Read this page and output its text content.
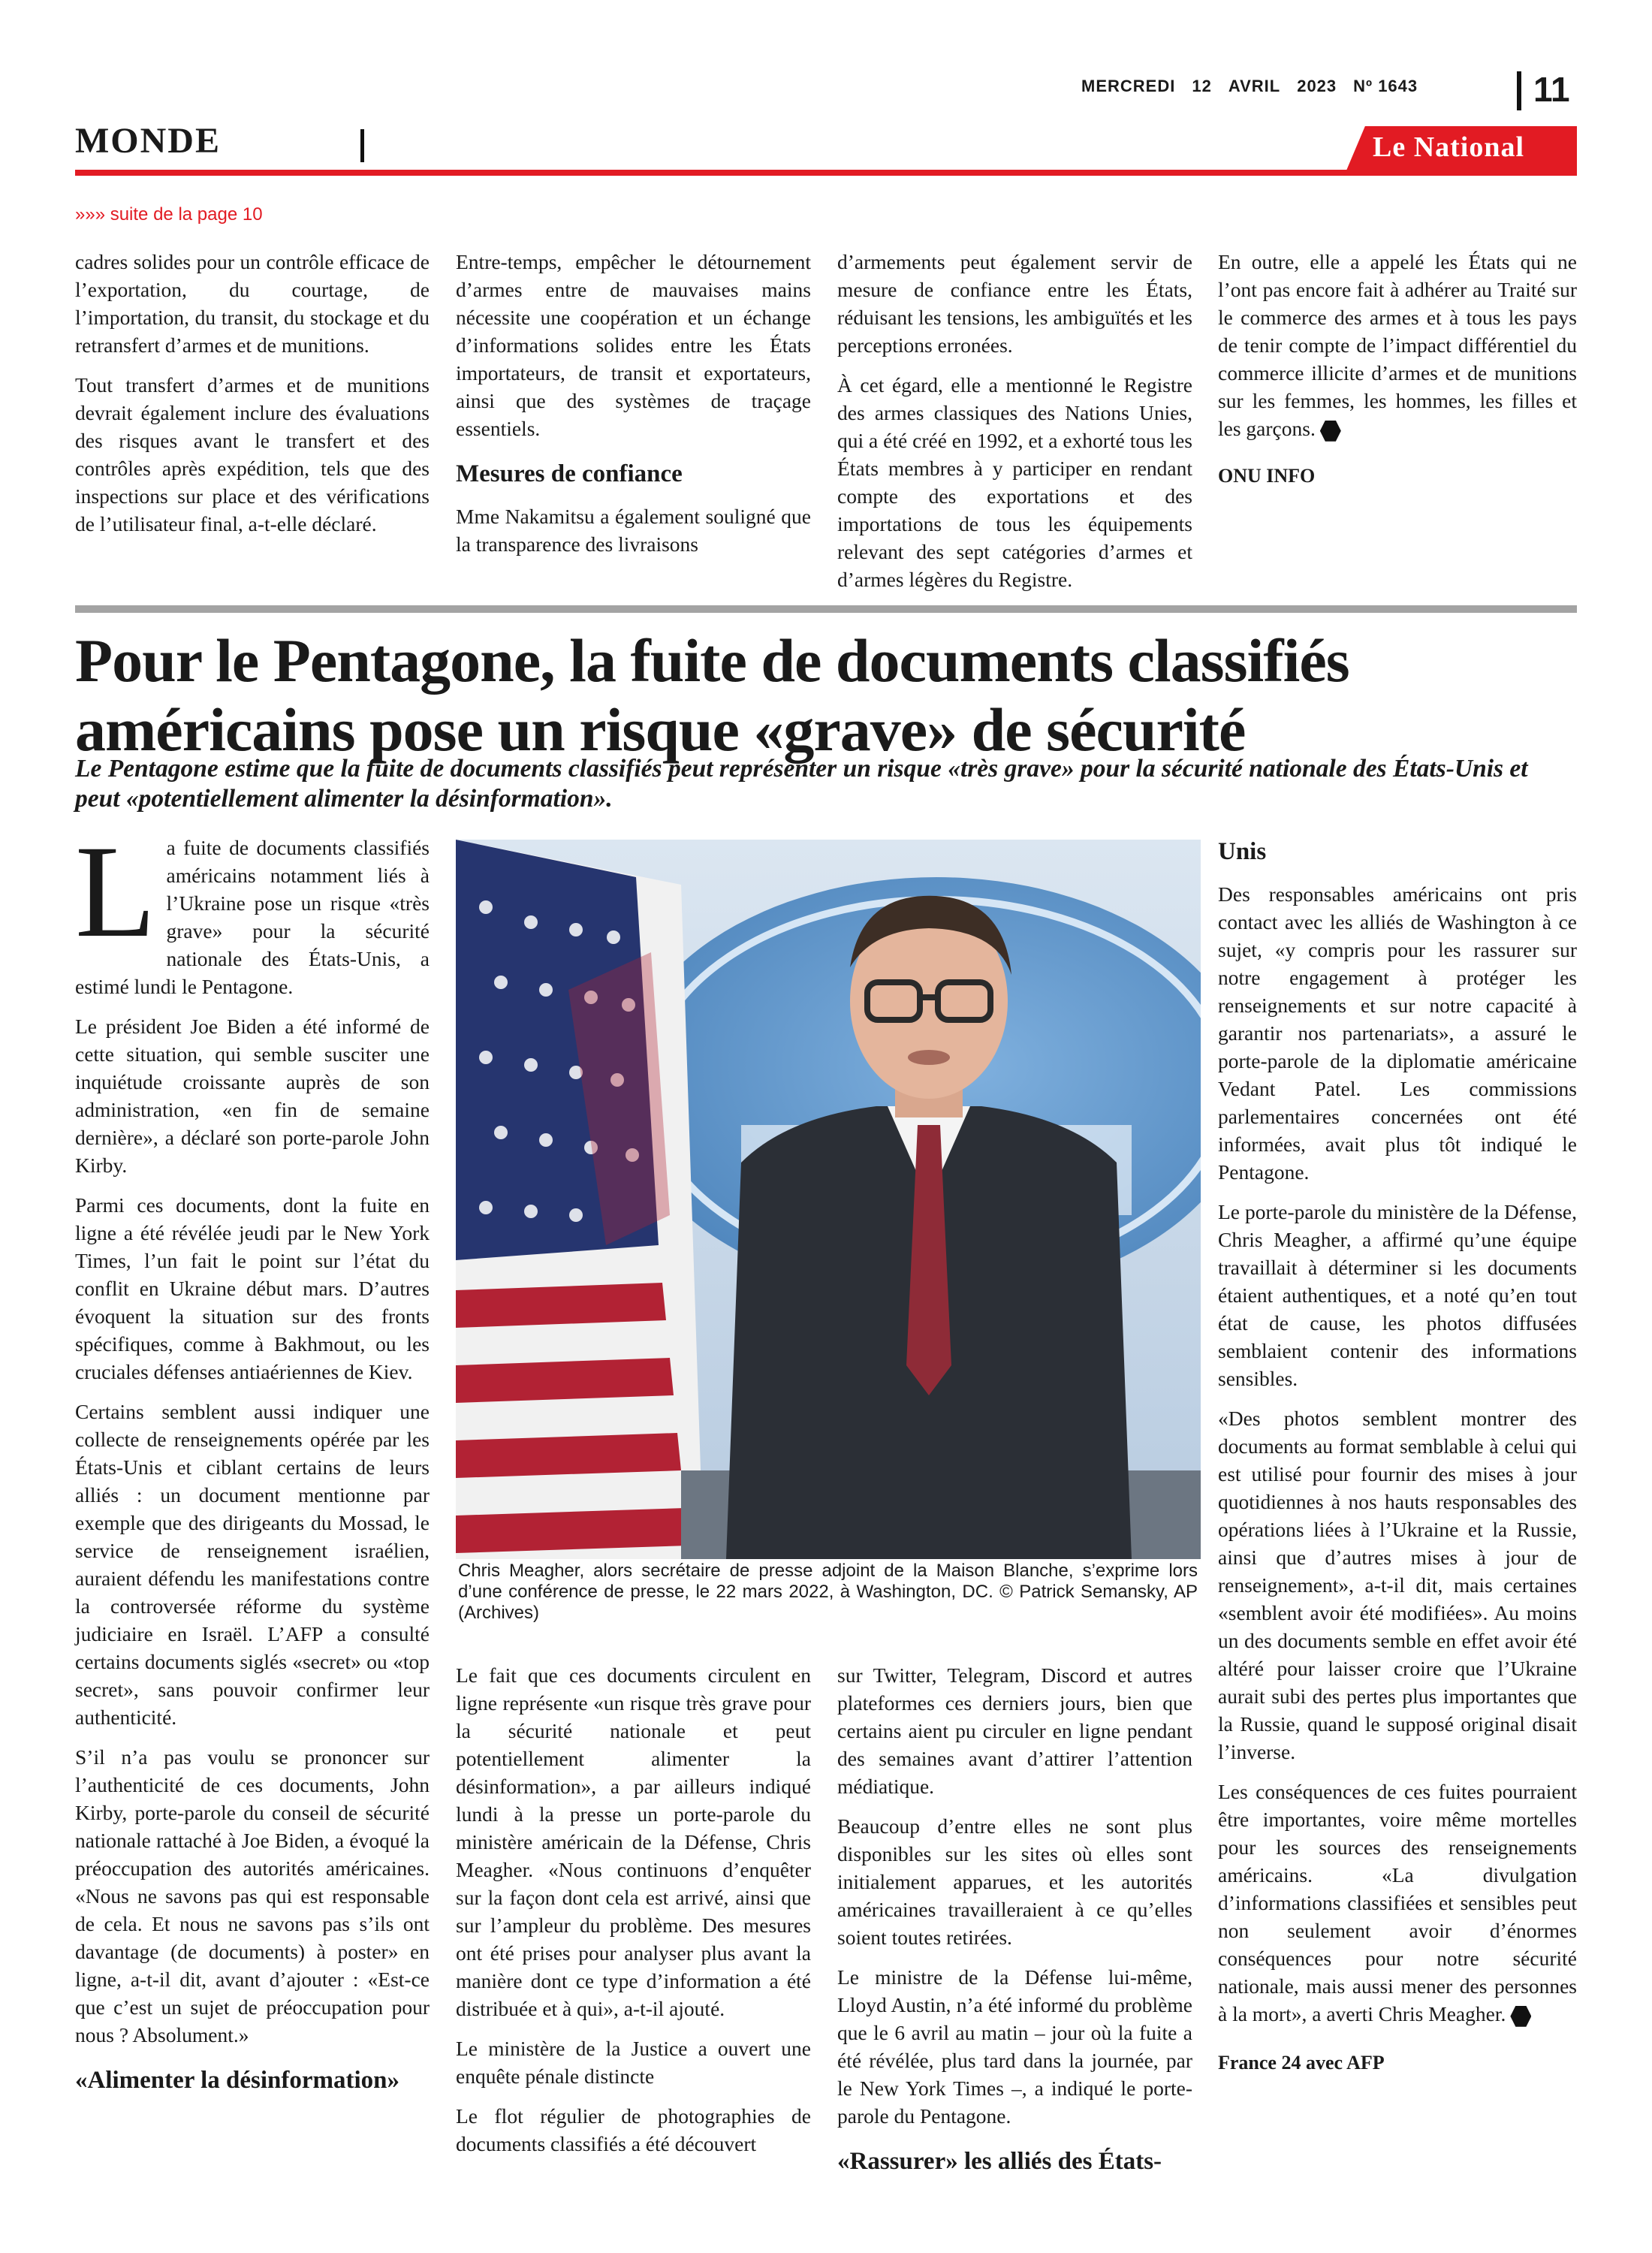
MERCREDI 12 AVRIL 2023 Nº 1643	11
MONDE	Le National
»»» suite de la page 10

cadres solides pour un contrôle efficace de l’exportation, du courtage, de l’importation, du transit, du stockage et du retransfert d’armes et de munitions.

Tout transfert d’armes et de munitions devrait également inclure des évaluations des risques avant le transfert et des contrôles après expédition, tels que des inspections sur place et des vérifications de l’utilisateur final, a-t-elle déclaré.

Entre-temps, empêcher le détournement d’armes entre de mauvaises mains nécessite une coopération et un échange d’informations solides entre les États importateurs, de transit et exportateurs, ainsi que des systèmes de traçage essentiels.

Mesures de confiance

Mme Nakamitsu a également souligné que la transparence des livraisons

d’armements peut également servir de mesure de confiance entre les États, réduisant les tensions, les ambiguïtés et les perceptions erronées.

À cet égard, elle a mentionné le Registre des armes classiques des Nations Unies, qui a été créé en 1992, et a exhorté tous les États membres à y participer en rendant compte des exportations et des importations de tous les équipements relevant des sept catégories d’armes et d’armes légères du Registre.

En outre, elle a appelé les États qui ne l’ont pas encore fait à adhérer au Traité sur le commerce des armes et à tous les pays de tenir compte de l’impact différentiel du commerce illicite d’armes et de munitions sur les femmes, les hommes, les filles et les garçons.

ONU INFO
Pour le Pentagone, la fuite de documents classifiés
américains pose un risque «grave» de sécurité
Le Pentagone estime que la fuite de documents classifiés peut représenter un risque «très grave» pour la sécurité nationale des États-Unis et peut «potentiellement alimenter la désinformation».

La fuite de documents classifiés américains notamment liés à l’Ukraine pose un risque «très grave» pour la sécurité nationale des États-Unis, a estimé lundi le Pentagone.

Le président Joe Biden a été informé de cette situation, qui semble susciter une inquiétude croissante auprès de son administration, «en fin de semaine dernière», a déclaré son porte-parole John Kirby.

Parmi ces documents, dont la fuite en ligne a été révélée jeudi par le New York Times, l’un fait le point sur l’état du conflit en Ukraine début mars. D’autres évoquent la situation sur des fronts spécifiques, comme à Bakhmout, ou les cruciales défenses antiaériennes de Kiev.

Certains semblent aussi indiquer une collecte de renseignements opérée par les États-Unis et ciblant certains de leurs alliés : un document mentionne par exemple que des dirigeants du Mossad, le service de renseignement israélien, auraient défendu les manifestations contre la controversée réforme du système judiciaire en Israël. L’AFP a consulté certains documents siglés «secret» ou «top secret», sans pouvoir confirmer leur authenticité.

S’il n’a pas voulu se prononcer sur l’authenticité de ces documents, John Kirby, porte-parole du conseil de sécurité nationale rattaché à Joe Biden, a évoqué la préoccupation des autorités américaines. «Nous ne savons pas qui est responsable de cela. Et nous ne savons pas s’ils ont davantage (de documents) à poster» en ligne, a-t-il dit, avant d’ajouter : «Est-ce que c’est un sujet de préoccupation pour nous ? Absolument.»

«Alimenter la désinformation»
Chris Meagher, alors secrétaire de presse adjoint de la Maison Blanche, s’exprime lors d’une conférence de presse, le 22 mars 2022, à Washington, DC. © Patrick Semansky, AP (Archives)

Le fait que ces documents circulent en ligne représente «un risque très grave pour la sécurité nationale et peut potentiellement alimenter la désinformation», a par ailleurs indiqué lundi à la presse un porte-parole du ministère américain de la Défense, Chris Meagher. «Nous continuons d’enquêter sur la façon dont cela est arrivé, ainsi que sur l’ampleur du problème. Des mesures ont été prises pour analyser plus avant la manière dont ce type d’information a été distribuée et à qui», a-t-il ajouté.

Le ministère de la Justice a ouvert une enquête pénale distincte

Le flot régulier de photographies de documents classifiés a été découvert

sur Twitter, Telegram, Discord et autres plateformes ces derniers jours, bien que certains aient pu circuler en ligne pendant des semaines avant d’attirer l’attention médiatique.

Beaucoup d’entre elles ne sont plus disponibles sur les sites où elles sont initialement apparues, et les autorités américaines travailleraient à ce qu’elles soient toutes retirées.

Le ministre de la Défense lui-même, Lloyd Austin, n’a été informé du problème que le 6 avril au matin – jour où la fuite a été révélée, plus tard dans la journée, par le New York Times –, a indiqué le porte-parole du Pentagone.

«Rassurer» les alliés des États-
Unis

Des responsables américains ont pris contact avec les alliés de Washington à ce sujet, «y compris pour les rassurer sur notre engagement à protéger les renseignements et sur notre capacité à garantir nos partenariats», a assuré le porte-parole de la diplomatie américaine Vedant Patel. Les commissions parlementaires concernées ont été informées, avait plus tôt indiqué le Pentagone.

Le porte-parole du ministère de la Défense, Chris Meagher, a affirmé qu’une équipe travaillait à déterminer si les documents étaient authentiques, et a noté qu’en tout état de cause, les photos diffusées semblaient contenir des informations sensibles.

«Des photos semblent montrer des documents au format semblable à celui qui est utilisé pour fournir des mises à jour quotidiennes à nos hauts responsables des opérations liées à l’Ukraine et la Russie, ainsi que d’autres mises à jour de renseignement», a-t-il dit, mais certaines «semblent avoir été modifiées». Au moins un des documents semble en effet avoir été altéré pour laisser croire que l’Ukraine aurait subi des pertes plus importantes que la Russie, quand le supposé original disait l’inverse.

Les conséquences de ces fuites pourraient être importantes, voire même mortelles pour les sources des renseignements américains. «La divulgation d’informations classifiées et sensibles peut non seulement avoir d’énormes conséquences pour notre sécurité nationale, mais aussi mener des personnes à la mort», a averti Chris Meagher.

France 24 avec AFP
